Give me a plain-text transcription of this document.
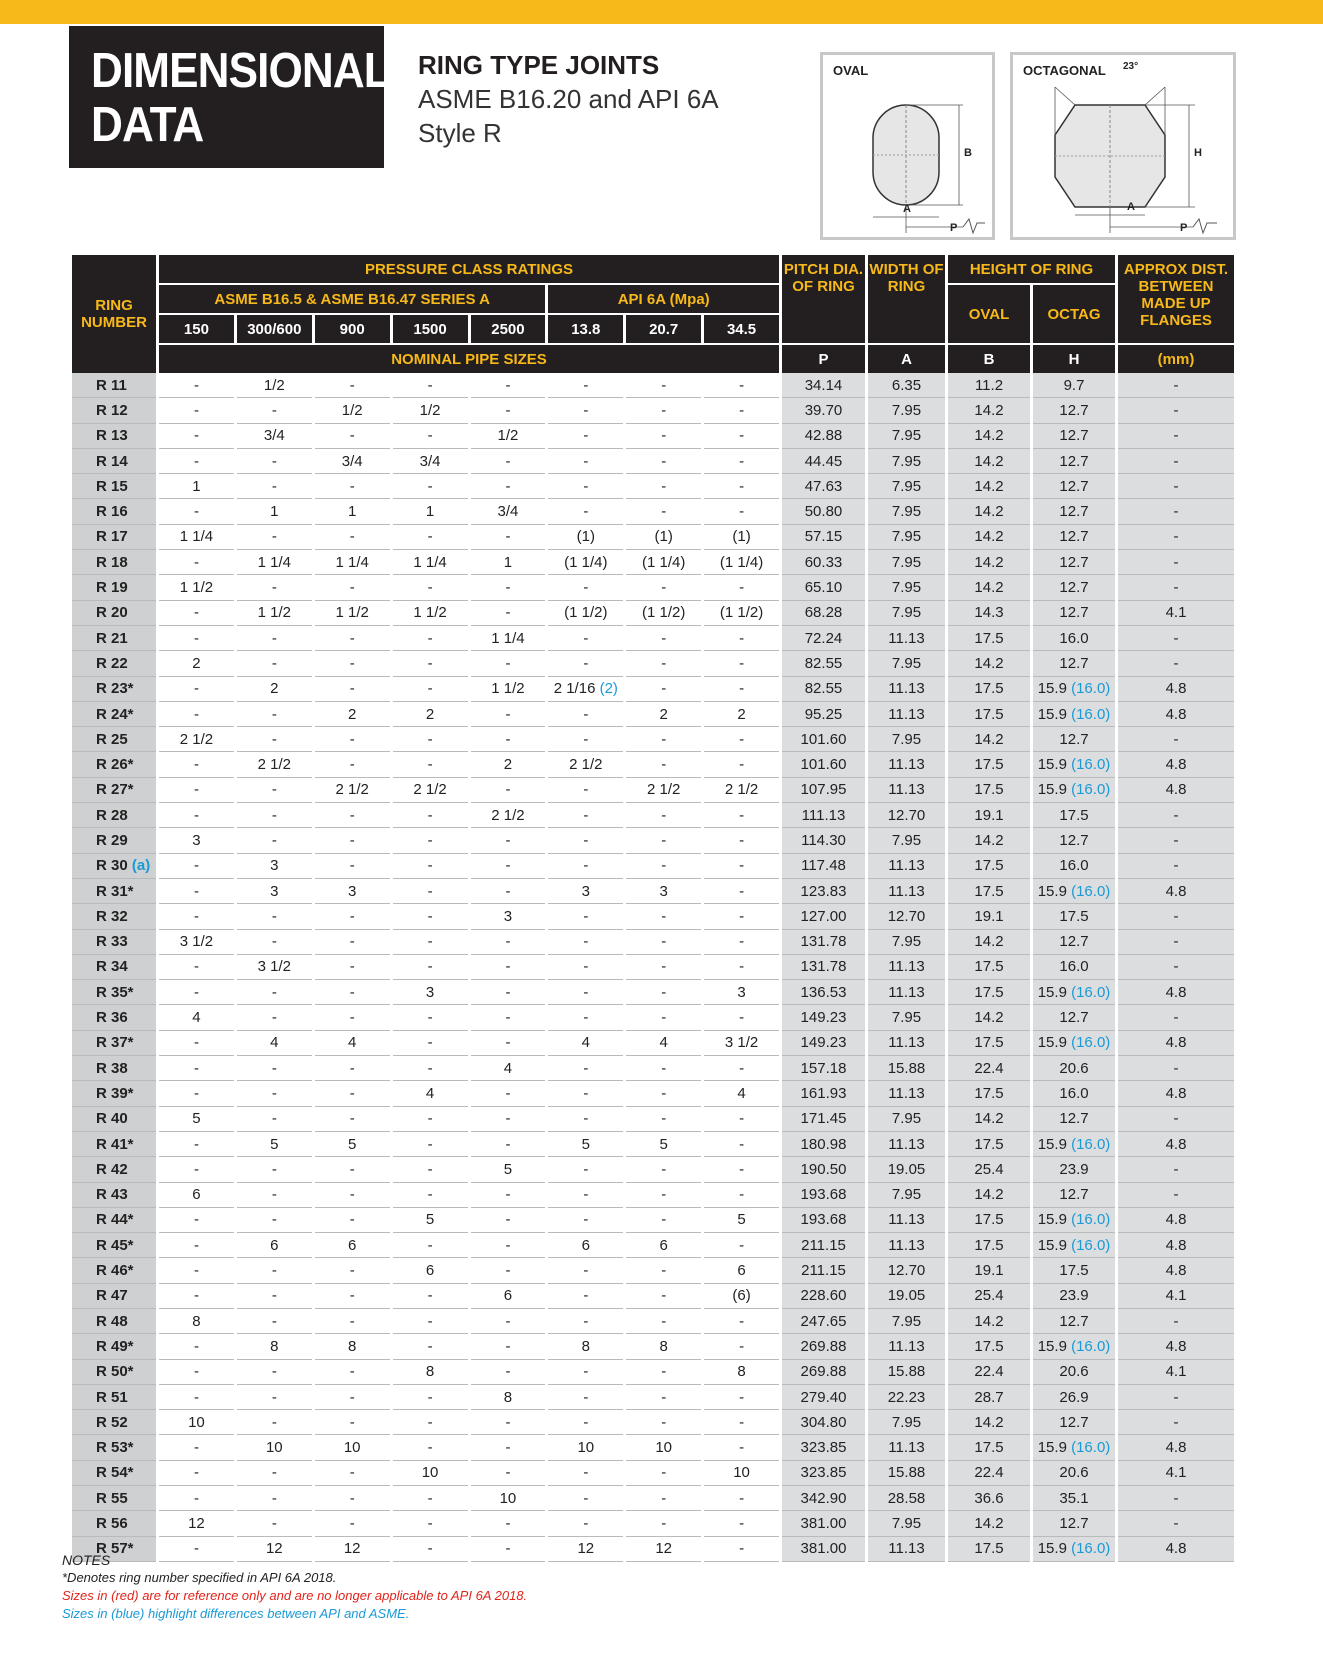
DIMENSIONAL
DATA
RING TYPE JOINTS
ASME B16.20 and API 6A
Style R
OVAL
B
A
P
OCTAGONAL 23°
H
A
P
RING NUMBER	PRESSURE CLASS RATINGS								PITCH DIA. OF RING	WIDTH OF RING	HEIGHT OF RING		APPROX DIST. BETWEEN MADE UP FLANGES
	ASME B16.5 & ASME B16.47 SERIES A					API 6A (Mpa)					OVAL	OCTAG	
	150	300/600	900	1500	2500	13.8	20.7	34.5					
	NOMINAL PIPE SIZES								P	A	B	H	(mm)
R 11	-	1/2	-	-	-	-	-	-	34.14	6.35	11.2	9.7	-
R 12	-	-	1/2	1/2	-	-	-	-	39.70	7.95	14.2	12.7	-
R 13	-	3/4	-	-	1/2	-	-	-	42.88	7.95	14.2	12.7	-
R 14	-	-	3/4	3/4	-	-	-	-	44.45	7.95	14.2	12.7	-
R 15	1	-	-	-	-	-	-	-	47.63	7.95	14.2	12.7	-
R 16	-	1	1	1	3/4	-	-	-	50.80	7.95	14.2	12.7	-
R 17	1 1/4	-	-	-	-	(1)	(1)	(1)	57.15	7.95	14.2	12.7	-
R 18	-	1 1/4	1 1/4	1 1/4	1	(1 1/4)	(1 1/4)	(1 1/4)	60.33	7.95	14.2	12.7	-
R 19	1 1/2	-	-	-	-	-	-	-	65.10	7.95	14.2	12.7	-
R 20	-	1 1/2	1 1/2	1 1/2	-	(1 1/2)	(1 1/2)	(1 1/2)	68.28	7.95	14.3	12.7	4.1
R 21	-	-	-	-	1 1/4	-	-	-	72.24	11.13	17.5	16.0	-
R 22	2	-	-	-	-	-	-	-	82.55	7.95	14.2	12.7	-
R 23*	-	2	-	-	1 1/2	2 1/16 (2)	-	-	82.55	11.13	17.5	15.9 (16.0)	4.8
R 24*	-	-	2	2	-	-	2	2	95.25	11.13	17.5	15.9 (16.0)	4.8
R 25	2 1/2	-	-	-	-	-	-	-	101.60	7.95	14.2	12.7	-
R 26*	-	2 1/2	-	-	2	2 1/2	-	-	101.60	11.13	17.5	15.9 (16.0)	4.8
R 27*	-	-	2 1/2	2 1/2	-	-	2 1/2	2 1/2	107.95	11.13	17.5	15.9 (16.0)	4.8
R 28	-	-	-	-	2 1/2	-	-	-	111.13	12.70	19.1	17.5	-
R 29	3	-	-	-	-	-	-	-	114.30	7.95	14.2	12.7	-
R 30 (a)	-	3	-	-	-	-	-	-	117.48	11.13	17.5	16.0	-
R 31*	-	3	3	-	-	3	3	-	123.83	11.13	17.5	15.9 (16.0)	4.8
R 32	-	-	-	-	3	-	-	-	127.00	12.70	19.1	17.5	-
R 33	3 1/2	-	-	-	-	-	-	-	131.78	7.95	14.2	12.7	-
R 34	-	3 1/2	-	-	-	-	-	-	131.78	11.13	17.5	16.0	-
R 35*	-	-	-	3	-	-	-	3	136.53	11.13	17.5	15.9 (16.0)	4.8
R 36	4	-	-	-	-	-	-	-	149.23	7.95	14.2	12.7	-
R 37*	-	4	4	-	-	4	4	3 1/2	149.23	11.13	17.5	15.9 (16.0)	4.8
R 38	-	-	-	-	4	-	-	-	157.18	15.88	22.4	20.6	-
R 39*	-	-	-	4	-	-	-	4	161.93	11.13	17.5	16.0	4.8
R 40	5	-	-	-	-	-	-	-	171.45	7.95	14.2	12.7	-
R 41*	-	5	5	-	-	5	5	-	180.98	11.13	17.5	15.9 (16.0)	4.8
R 42	-	-	-	-	5	-	-	-	190.50	19.05	25.4	23.9	-
R 43	6	-	-	-	-	-	-	-	193.68	7.95	14.2	12.7	-
R 44*	-	-	-	5	-	-	-	5	193.68	11.13	17.5	15.9 (16.0)	4.8
R 45*	-	6	6	-	-	6	6	-	211.15	11.13	17.5	15.9 (16.0)	4.8
R 46*	-	-	-	6	-	-	-	6	211.15	12.70	19.1	17.5	4.8
R 47	-	-	-	-	6	-	-	(6)	228.60	19.05	25.4	23.9	4.1
R 48	8	-	-	-	-	-	-	-	247.65	7.95	14.2	12.7	-
R 49*	-	8	8	-	-	8	8	-	269.88	11.13	17.5	15.9 (16.0)	4.8
R 50*	-	-	-	8	-	-	-	8	269.88	15.88	22.4	20.6	4.1
R 51	-	-	-	-	8	-	-	-	279.40	22.23	28.7	26.9	-
R 52	10	-	-	-	-	-	-	-	304.80	7.95	14.2	12.7	-
R 53*	-	10	10	-	-	10	10	-	323.85	11.13	17.5	15.9 (16.0)	4.8
R 54*	-	-	-	10	-	-	-	10	323.85	15.88	22.4	20.6	4.1
R 55	-	-	-	-	10	-	-	-	342.90	28.58	36.6	35.1	-
R 56	12	-	-	-	-	-	-	-	381.00	7.95	14.2	12.7	-
R 57*	-	12	12	-	-	12	12	-	381.00	11.13	17.5	15.9 (16.0)	4.8
NOTES
*Denotes ring number specified in API 6A 2018.
Sizes in (red) are for reference only and are no longer applicable to API 6A 2018.
Sizes in (blue) highlight differences between API and ASME.
